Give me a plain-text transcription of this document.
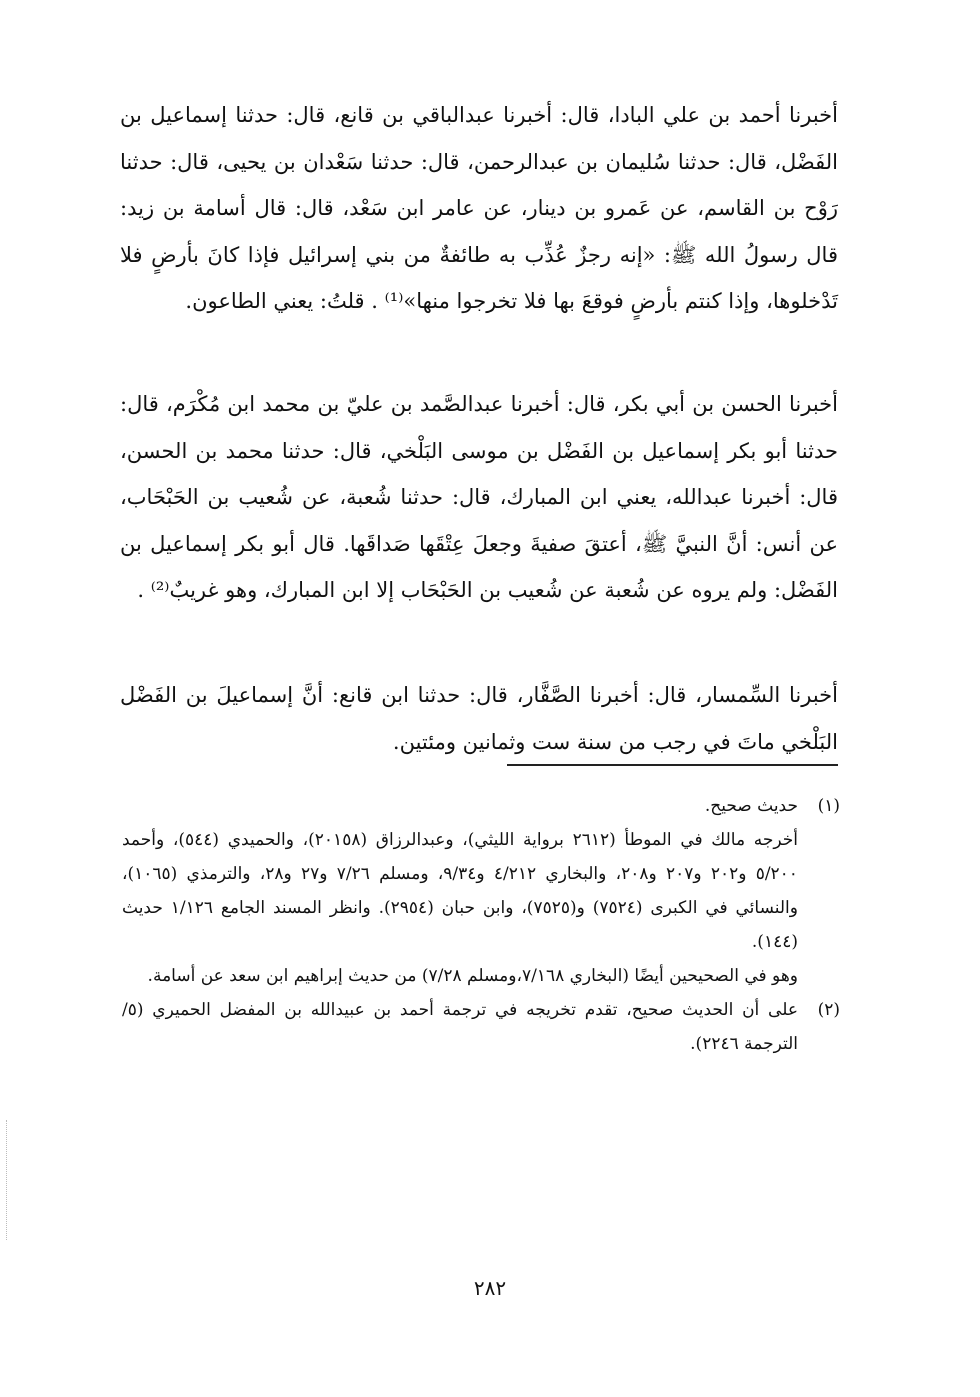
أخبرنا أحمد بن علي البادا، قال: أخبرنا عبدالباقي بن قانع، قال: حدثنا إسماعيل بن الفَضْل، قال: حدثنا سُليمان بن عبدالرحمن، قال: حدثنا سَعْدان بن يحيى، قال: حدثنا رَوْح بن القاسم، عن عَمرو بن دينار، عن عامر ابن سَعْد، قال: قال أسامة بن زيد: قال رسولُ الله ﷺ: «إنه رجزٌ عُذِّب به طائفةٌ من بني إسرائيل فإذا كانَ بأرضٍ فلا تَدْخلوها، وإذا كنتم بأرضٍ فوقعَ بها فلا تخرجوا منها»⁽¹⁾ . قلتُ: يعني الطاعون.

أخبرنا الحسن بن أبي بكر، قال: أخبرنا عبدالصَّمد بن عليّ بن محمد ابن مُكْرَم، قال: حدثنا أبو بكر إسماعيل بن الفَضْل بن موسى البَلْخي، قال: حدثنا محمد بن الحسن، قال: أخبرنا عبدالله، يعني ابن المبارك، قال: حدثنا شُعبة، عن شُعيب بن الحَبْحَاب، عن أنس: أنَّ النبيَّ ﷺ، أعتقَ صفيةَ وجعلَ عِتْقَها صَداقَها. قال أبو بكر إسماعيل بن الفَضْل: ولم يروه عن شُعبة عن شُعيب بن الحَبْحَاب إلا ابن المبارك، وهو غريبٌ⁽²⁾ .

أخبرنا السِّمسار، قال: أخبرنا الصَّفَّار، قال: حدثنا ابن قانع: أنَّ إسماعيلَ بن الفَضْل البَلْخي ماتَ في رجب من سنة ست وثمانين ومئتين.

(١)
حديث صحيح.

أخرجه مالك في الموطأ (٢٦١٢ برواية الليثي)، وعبدالرزاق (٢٠١٥٨)، والحميدي (٥٤٤)، وأحمد ٥/٢٠٠ و٢٠٢ و٢٠٧ و٢٠٨، والبخاري ٤/٢١٢ و٩/٣٤، ومسلم ٧/٢٦ و٢٧ و٢٨، والترمذي (١٠٦٥)، والنسائي في الكبرى (٧٥٢٤) و(٧٥٢٥)، وابن حبان (٢٩٥٤). وانظر المسند الجامع ١/١٢٦ حديث (١٤٤).

وهو في الصحيحين أيضًا (البخاري ٧/١٦٨،ومسلم ٧/٢٨) من حديث إبراهيم ابن سعد عن أسامة.

(٢)
على أن الحديث صحيح، تقدم تخريجه في ترجمة أحمد بن عبيدالله بن المفضل الحميري (٥/الترجمة ٢٢٤٦).
٢٨٢
